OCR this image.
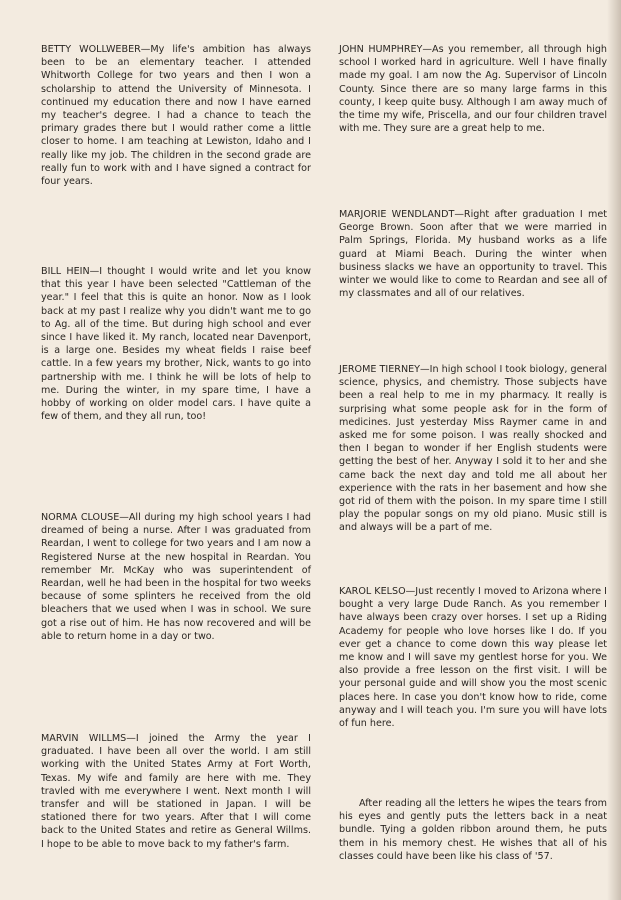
BETTY WOLLWEBER—My life's ambition has always been to be an elementary teacher. I attended Whitworth College for two years and then I won a scholarship to attend the University of Minnesota. I continued my education there and now I have earned my teacher's degree. I had a chance to teach the primary grades there but I would rather come a little closer to home. I am teaching at Lewiston, Idaho and I really like my job. The children in the second grade are really fun to work with and I have signed a contract for four years.

BILL HEIN—I thought I would write and let you know that this year I have been selected "Cattleman of the year." I feel that this is quite an honor. Now as I look back at my past I realize why you didn't want me to go to Ag. all of the time. But during high school and ever since I have liked it. My ranch, located near Davenport, is a large one. Besides my wheat fields I raise beef cattle. In a few years my brother, Nick, wants to go into partnership with me. I think he will be lots of help to me. During the winter, in my spare time, I have a hobby of working on older model cars. I have quite a few of them, and they all run, too!

NORMA CLOUSE—All during my high school years I had dreamed of being a nurse. After I was graduated from Reardan, I went to college for two years and I am now a Registered Nurse at the new hospital in Reardan. You remember Mr. McKay who was superintendent of Reardan, well he had been in the hospital for two weeks because of some splinters he received from the old bleachers that we used when I was in school. We sure got a rise out of him. He has now recovered and will be able to return home in a day or two.

MARVIN WILLMS—I joined the Army the year I graduated. I have been all over the world. I am still working with the United States Army at Fort Worth, Texas. My wife and family are here with me. They travled with me everywhere I went. Next month I will transfer and will be stationed in Japan. I will be stationed there for two years. After that I will come back to the United States and retire as General Willms. I hope to be able to move back to my father's farm.

JOHN HUMPHREY—As you remember, all through high school I worked hard in agriculture. Well I have finally made my goal. I am now the Ag. Supervisor of Lincoln County. Since there are so many large farms in this county, I keep quite busy. Although I am away much of the time my wife, Priscella, and our four children travel with me. They sure are a great help to me.

MARJORIE WENDLANDT—Right after graduation I met George Brown. Soon after that we were married in Palm Springs, Florida. My husband works as a life guard at Miami Beach. During the winter when business slacks we have an opportunity to travel. This winter we would like to come to Reardan and see all of my classmates and all of our relatives.

JEROME TIERNEY—In high school I took biology, general science, physics, and chemistry. Those subjects have been a real help to me in my pharmacy. It really is surprising what some people ask for in the form of medicines. Just yesterday Miss Raymer came in and asked me for some poison. I was really shocked and then I began to wonder if her English students were getting the best of her. Anyway I sold it to her and she came back the next day and told me all about her experience with the rats in her basement and how she got rid of them with the poison. In my spare time I still play the popular songs on my old piano. Music still is and always will be a part of me.

KAROL KELSO—Just recently I moved to Arizona where I bought a very large Dude Ranch. As you remember I have always been crazy over horses. I set up a Riding Academy for people who love horses like I do. If you ever get a chance to come down this way please let me know and I will save my gentlest horse for you. We also provide a free lesson on the first visit. I will be your personal guide and will show you the most scenic places here. In case you don't know how to ride, come anyway and I will teach you. I'm sure you will have lots of fun here.

After reading all the letters he wipes the tears from his eyes and gently puts the letters back in a neat bundle. Tying a golden ribbon around them, he puts them in his memory chest. He wishes that all of his classes could have been like his class of '57.
